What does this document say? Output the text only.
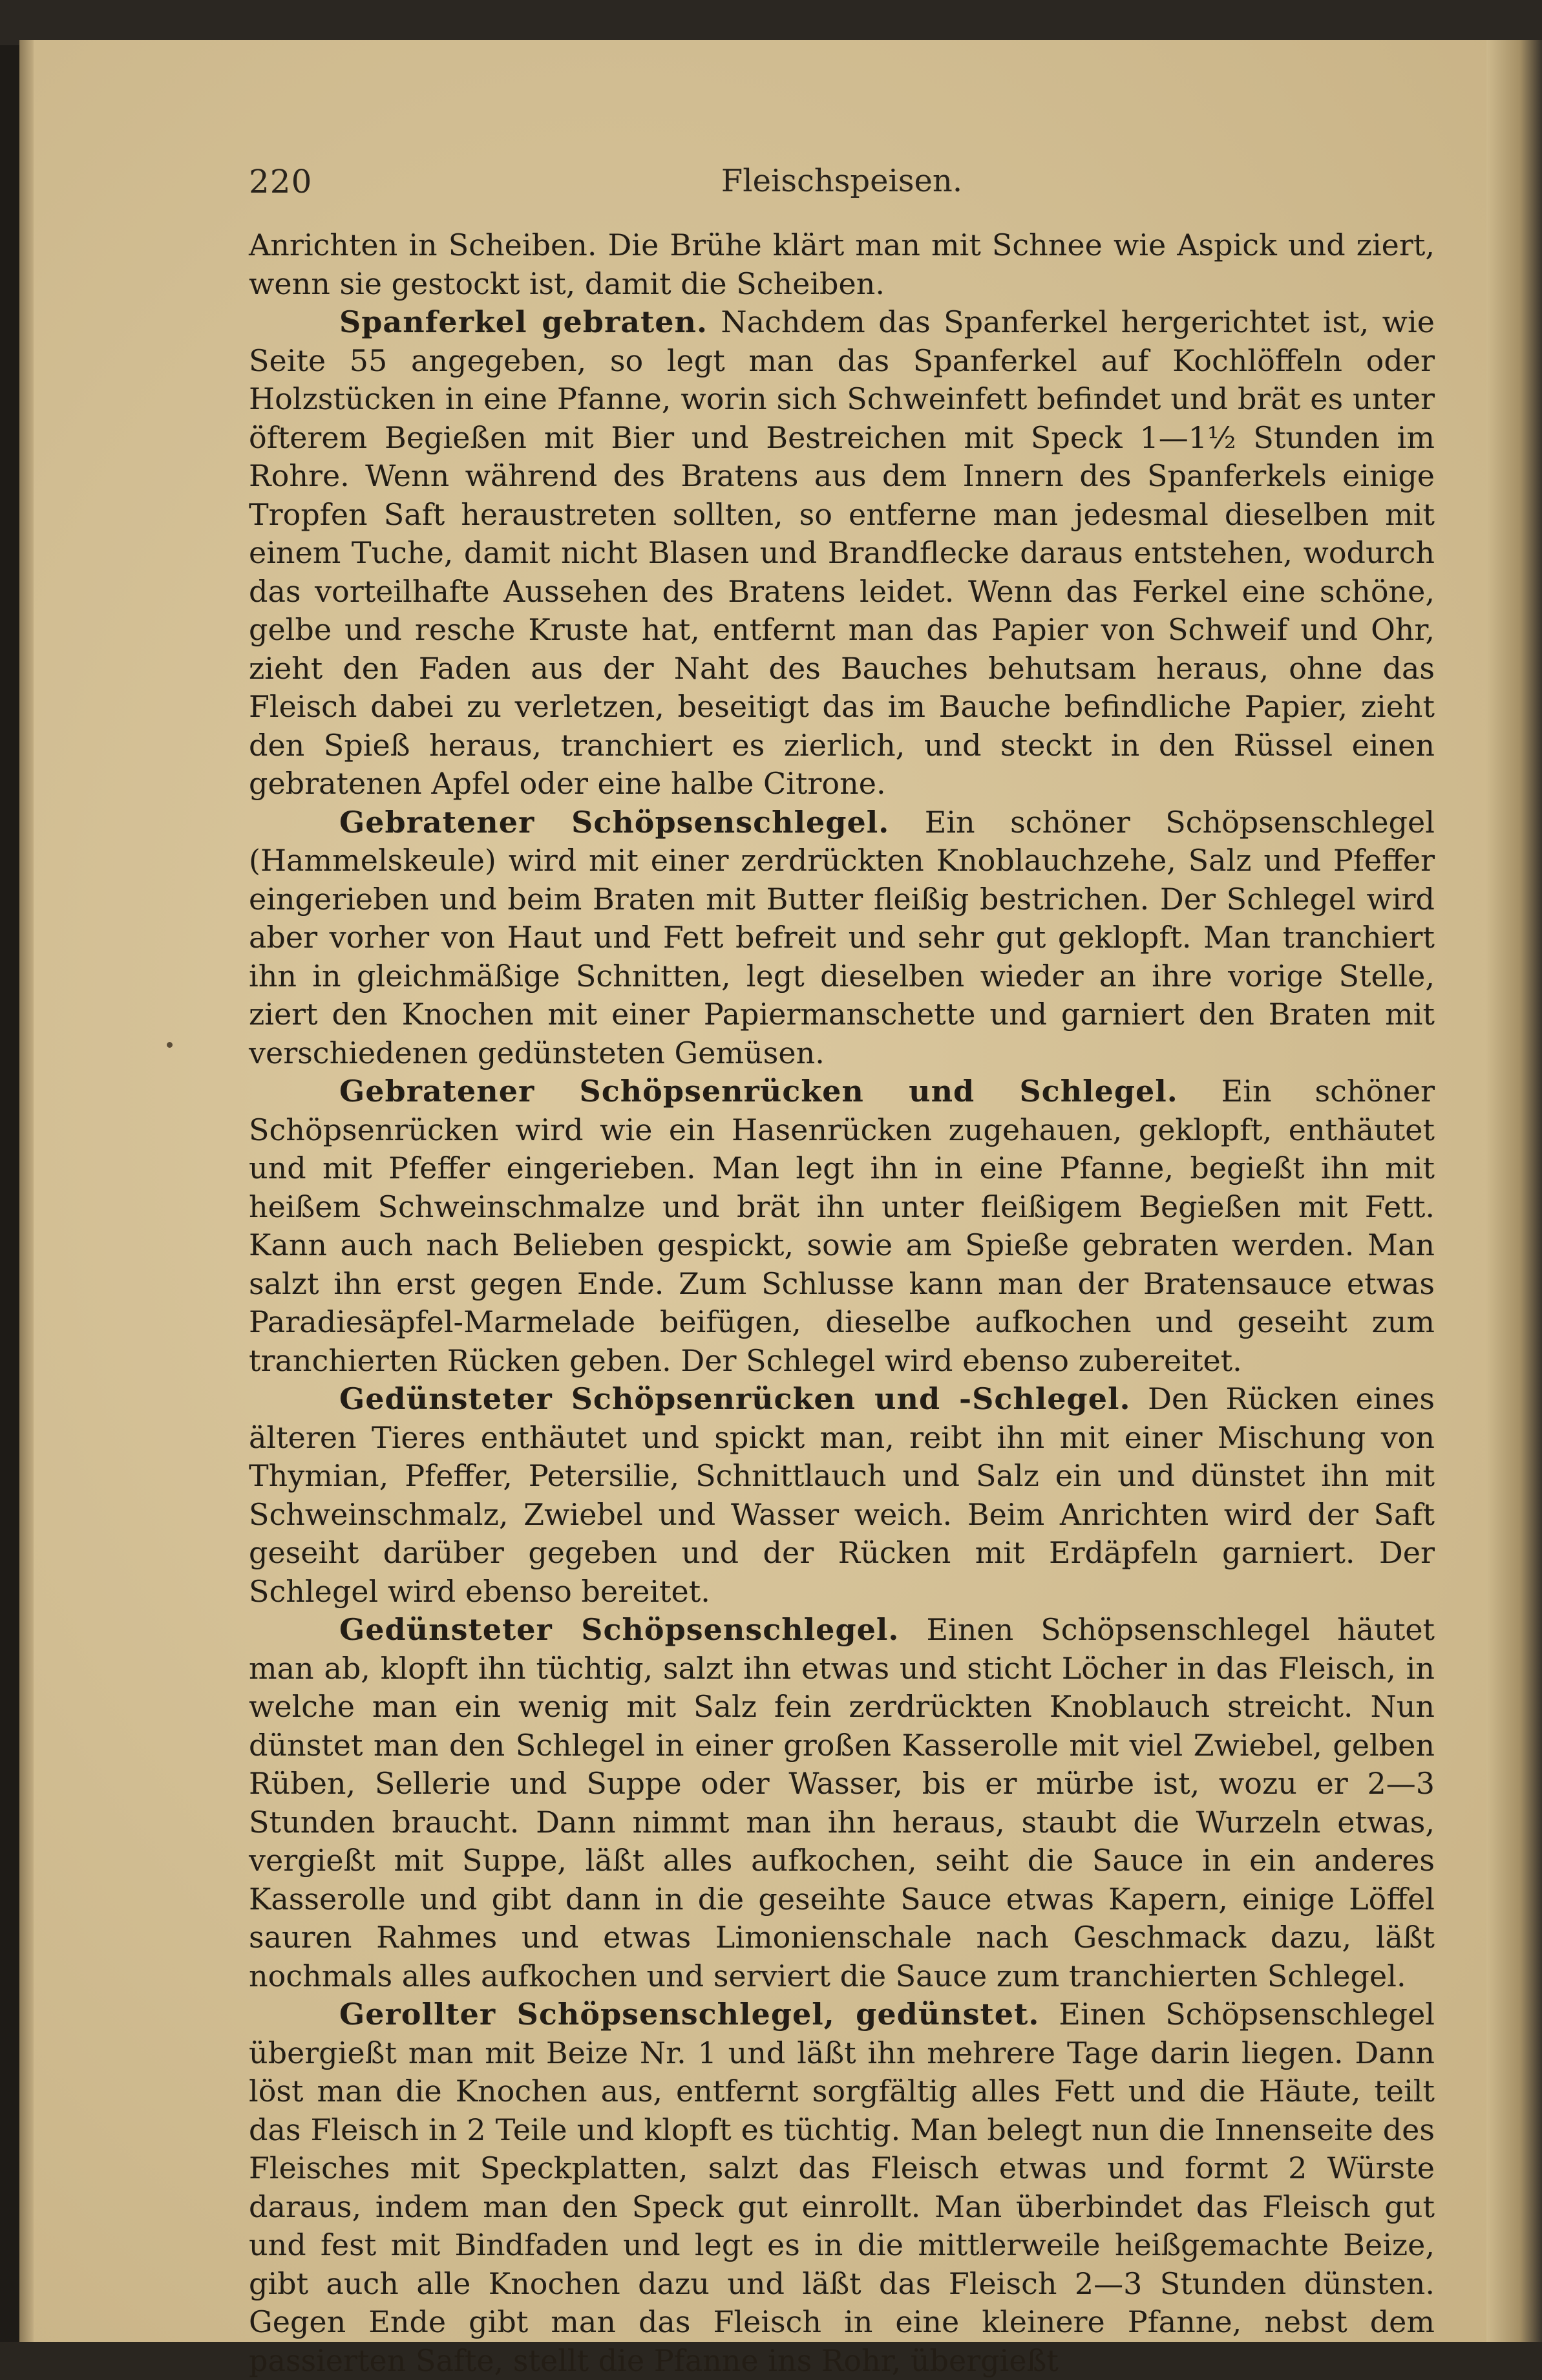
220	Fleischspeisen.

Anrichten in Scheiben. Die Brühe klärt man mit Schnee wie Aspick und ziert, wenn sie gestockt ist, damit die Scheiben.

Spanferkel gebraten. Nachdem das Spanferkel hergerichtet ist, wie Seite 55 angegeben, so legt man das Spanferkel auf Kochlöffeln oder Holzstücken in eine Pfanne, worin sich Schweinfett befindet und brät es unter öfterem Begießen mit Bier und Bestreichen mit Speck 1—1½ Stunden im Rohre. Wenn während des Bratens aus dem Innern des Spanferkels einige Tropfen Saft heraustreten sollten, so entferne man jedesmal dieselben mit einem Tuche, damit nicht Blasen und Brandflecke daraus entstehen, wodurch das vorteilhafte Aussehen des Bratens leidet. Wenn das Ferkel eine schöne, gelbe und resche Kruste hat, entfernt man das Papier von Schweif und Ohr, zieht den Faden aus der Naht des Bauches behutsam heraus, ohne das Fleisch dabei zu verletzen, beseitigt das im Bauche befindliche Papier, zieht den Spieß heraus, tranchiert es zierlich, und steckt in den Rüssel einen gebratenen Apfel oder eine halbe Citrone.

Gebratener Schöpsenschlegel. Ein schöner Schöpsenschlegel (Hammelskeule) wird mit einer zerdrückten Knoblauchzehe, Salz und Pfeffer eingerieben und beim Braten mit Butter fleißig bestrichen. Der Schlegel wird aber vorher von Haut und Fett befreit und sehr gut geklopft. Man tranchiert ihn in gleichmäßige Schnitten, legt dieselben wieder an ihre vorige Stelle, ziert den Knochen mit einer Papiermanschette und garniert den Braten mit verschiedenen gedünsteten Gemüsen.

Gebratener Schöpsenrücken und Schlegel. Ein schöner Schöpsenrücken wird wie ein Hasenrücken zugehauen, geklopft, enthäutet und mit Pfeffer eingerieben. Man legt ihn in eine Pfanne, begießt ihn mit heißem Schweinschmalze und brät ihn unter fleißigem Begießen mit Fett. Kann auch nach Belieben gespickt, sowie am Spieße gebraten werden. Man salzt ihn erst gegen Ende. Zum Schlusse kann man der Bratensauce etwas Paradiesäpfel-Marmelade beifügen, dieselbe aufkochen und geseiht zum tranchierten Rücken geben. Der Schlegel wird ebenso zubereitet.

Gedünsteter Schöpsenrücken und -Schlegel. Den Rücken eines älteren Tieres enthäutet und spickt man, reibt ihn mit einer Mischung von Thymian, Pfeffer, Petersilie, Schnittlauch und Salz ein und dünstet ihn mit Schweinschmalz, Zwiebel und Wasser weich. Beim Anrichten wird der Saft geseiht darüber gegeben und der Rücken mit Erdäpfeln garniert. Der Schlegel wird ebenso bereitet.

Gedünsteter Schöpsenschlegel. Einen Schöpsenschlegel häutet man ab, klopft ihn tüchtig, salzt ihn etwas und sticht Löcher in das Fleisch, in welche man ein wenig mit Salz fein zerdrückten Knoblauch streicht. Nun dünstet man den Schlegel in einer großen Kasserolle mit viel Zwiebel, gelben Rüben, Sellerie und Suppe oder Wasser, bis er mürbe ist, wozu er 2—3 Stunden braucht. Dann nimmt man ihn heraus, staubt die Wurzeln etwas, vergießt mit Suppe, läßt alles aufkochen, seiht die Sauce in ein anderes Kasserolle und gibt dann in die geseihte Sauce etwas Kapern, einige Löffel sauren Rahmes und etwas Limonienschale nach Geschmack dazu, läßt nochmals alles aufkochen und serviert die Sauce zum tranchierten Schlegel.

Gerollter Schöpsenschlegel, gedünstet. Einen Schöpsenschlegel übergießt man mit Beize Nr. 1 und läßt ihn mehrere Tage darin liegen. Dann löst man die Knochen aus, entfernt sorgfältig alles Fett und die Häute, teilt das Fleisch in 2 Teile und klopft es tüchtig. Man belegt nun die Innenseite des Fleisches mit Speckplatten, salzt das Fleisch etwas und formt 2 Würste daraus, indem man den Speck gut einrollt. Man überbindet das Fleisch gut und fest mit Bindfaden und legt es in die mittlerweile heißgemachte Beize, gibt auch alle Knochen dazu und läßt das Fleisch 2—3 Stunden dünsten. Gegen Ende gibt man das Fleisch in eine kleinere Pfanne, nebst dem passierten Safte, stellt die Pfanne ins Rohr, übergießt
